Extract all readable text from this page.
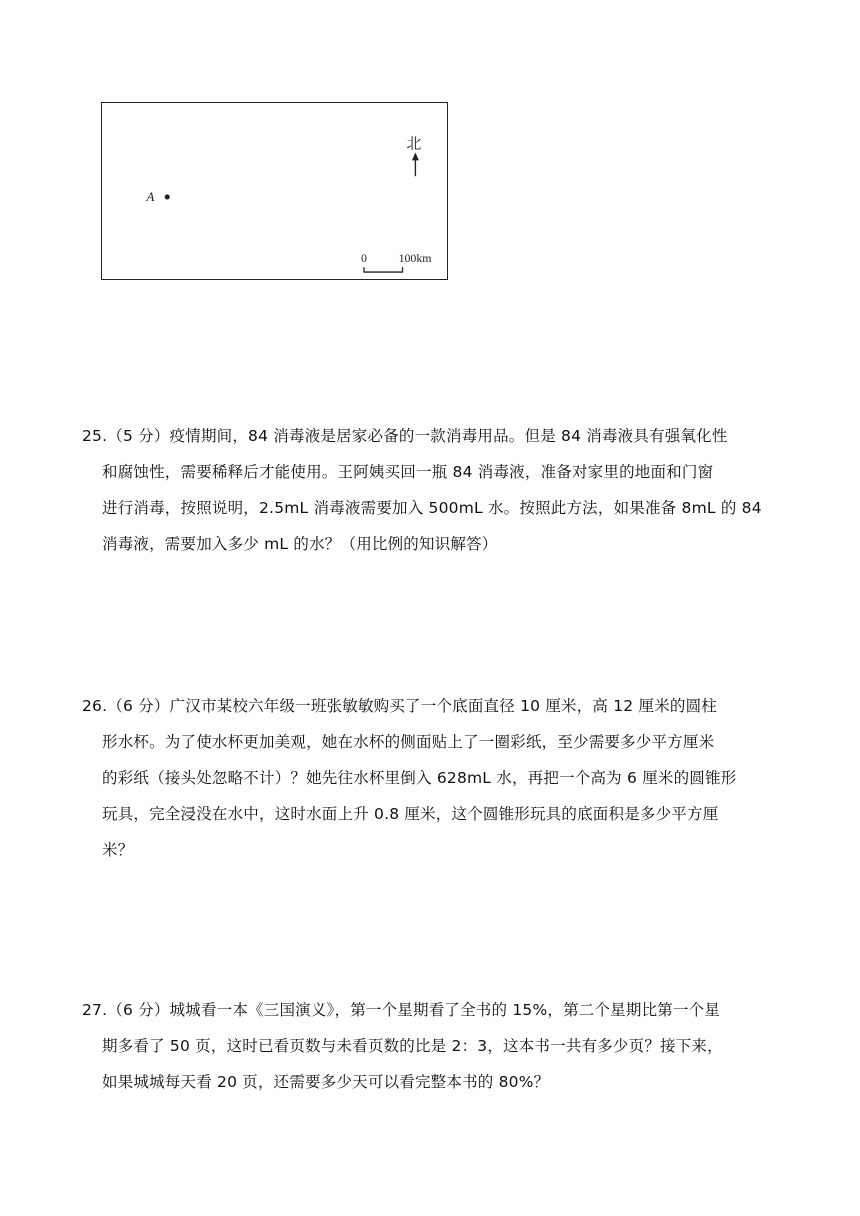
A
北
0	100km
25.（5 分）疫情期间，84 消毒液是居家必备的一款消毒用品。但是 84 消毒液具有强氧化性
和腐蚀性，需要稀释后才能使用。王阿姨买回一瓶 84 消毒液，准备对家里的地面和门窗
进行消毒，按照说明，2.5mL 消毒液需要加入 500mL 水。按照此方法，如果准备 8mL 的 84
消毒液，需要加入多少 mL 的水？（用比例的知识解答）
26.（6 分）广汉市某校六年级一班张敏敏购买了一个底面直径 10 厘米，高 12 厘米的圆柱
形水杯。为了使水杯更加美观，她在水杯的侧面贴上了一圈彩纸，至少需要多少平方厘米
的彩纸（接头处忽略不计）？她先往水杯里倒入 628mL 水，再把一个高为 6 厘米的圆锥形
玩具，完全浸没在水中，这时水面上升 0.8 厘米，这个圆锥形玩具的底面积是多少平方厘
米？
27.（6 分）城城看一本《三国演义》，第一个星期看了全书的 15%，第二个星期比第一个星
期多看了 50 页，这时已看页数与未看页数的比是 2：3，这本书一共有多少页？接下来，
如果城城每天看 20 页，还需要多少天可以看完整本书的 80%？
